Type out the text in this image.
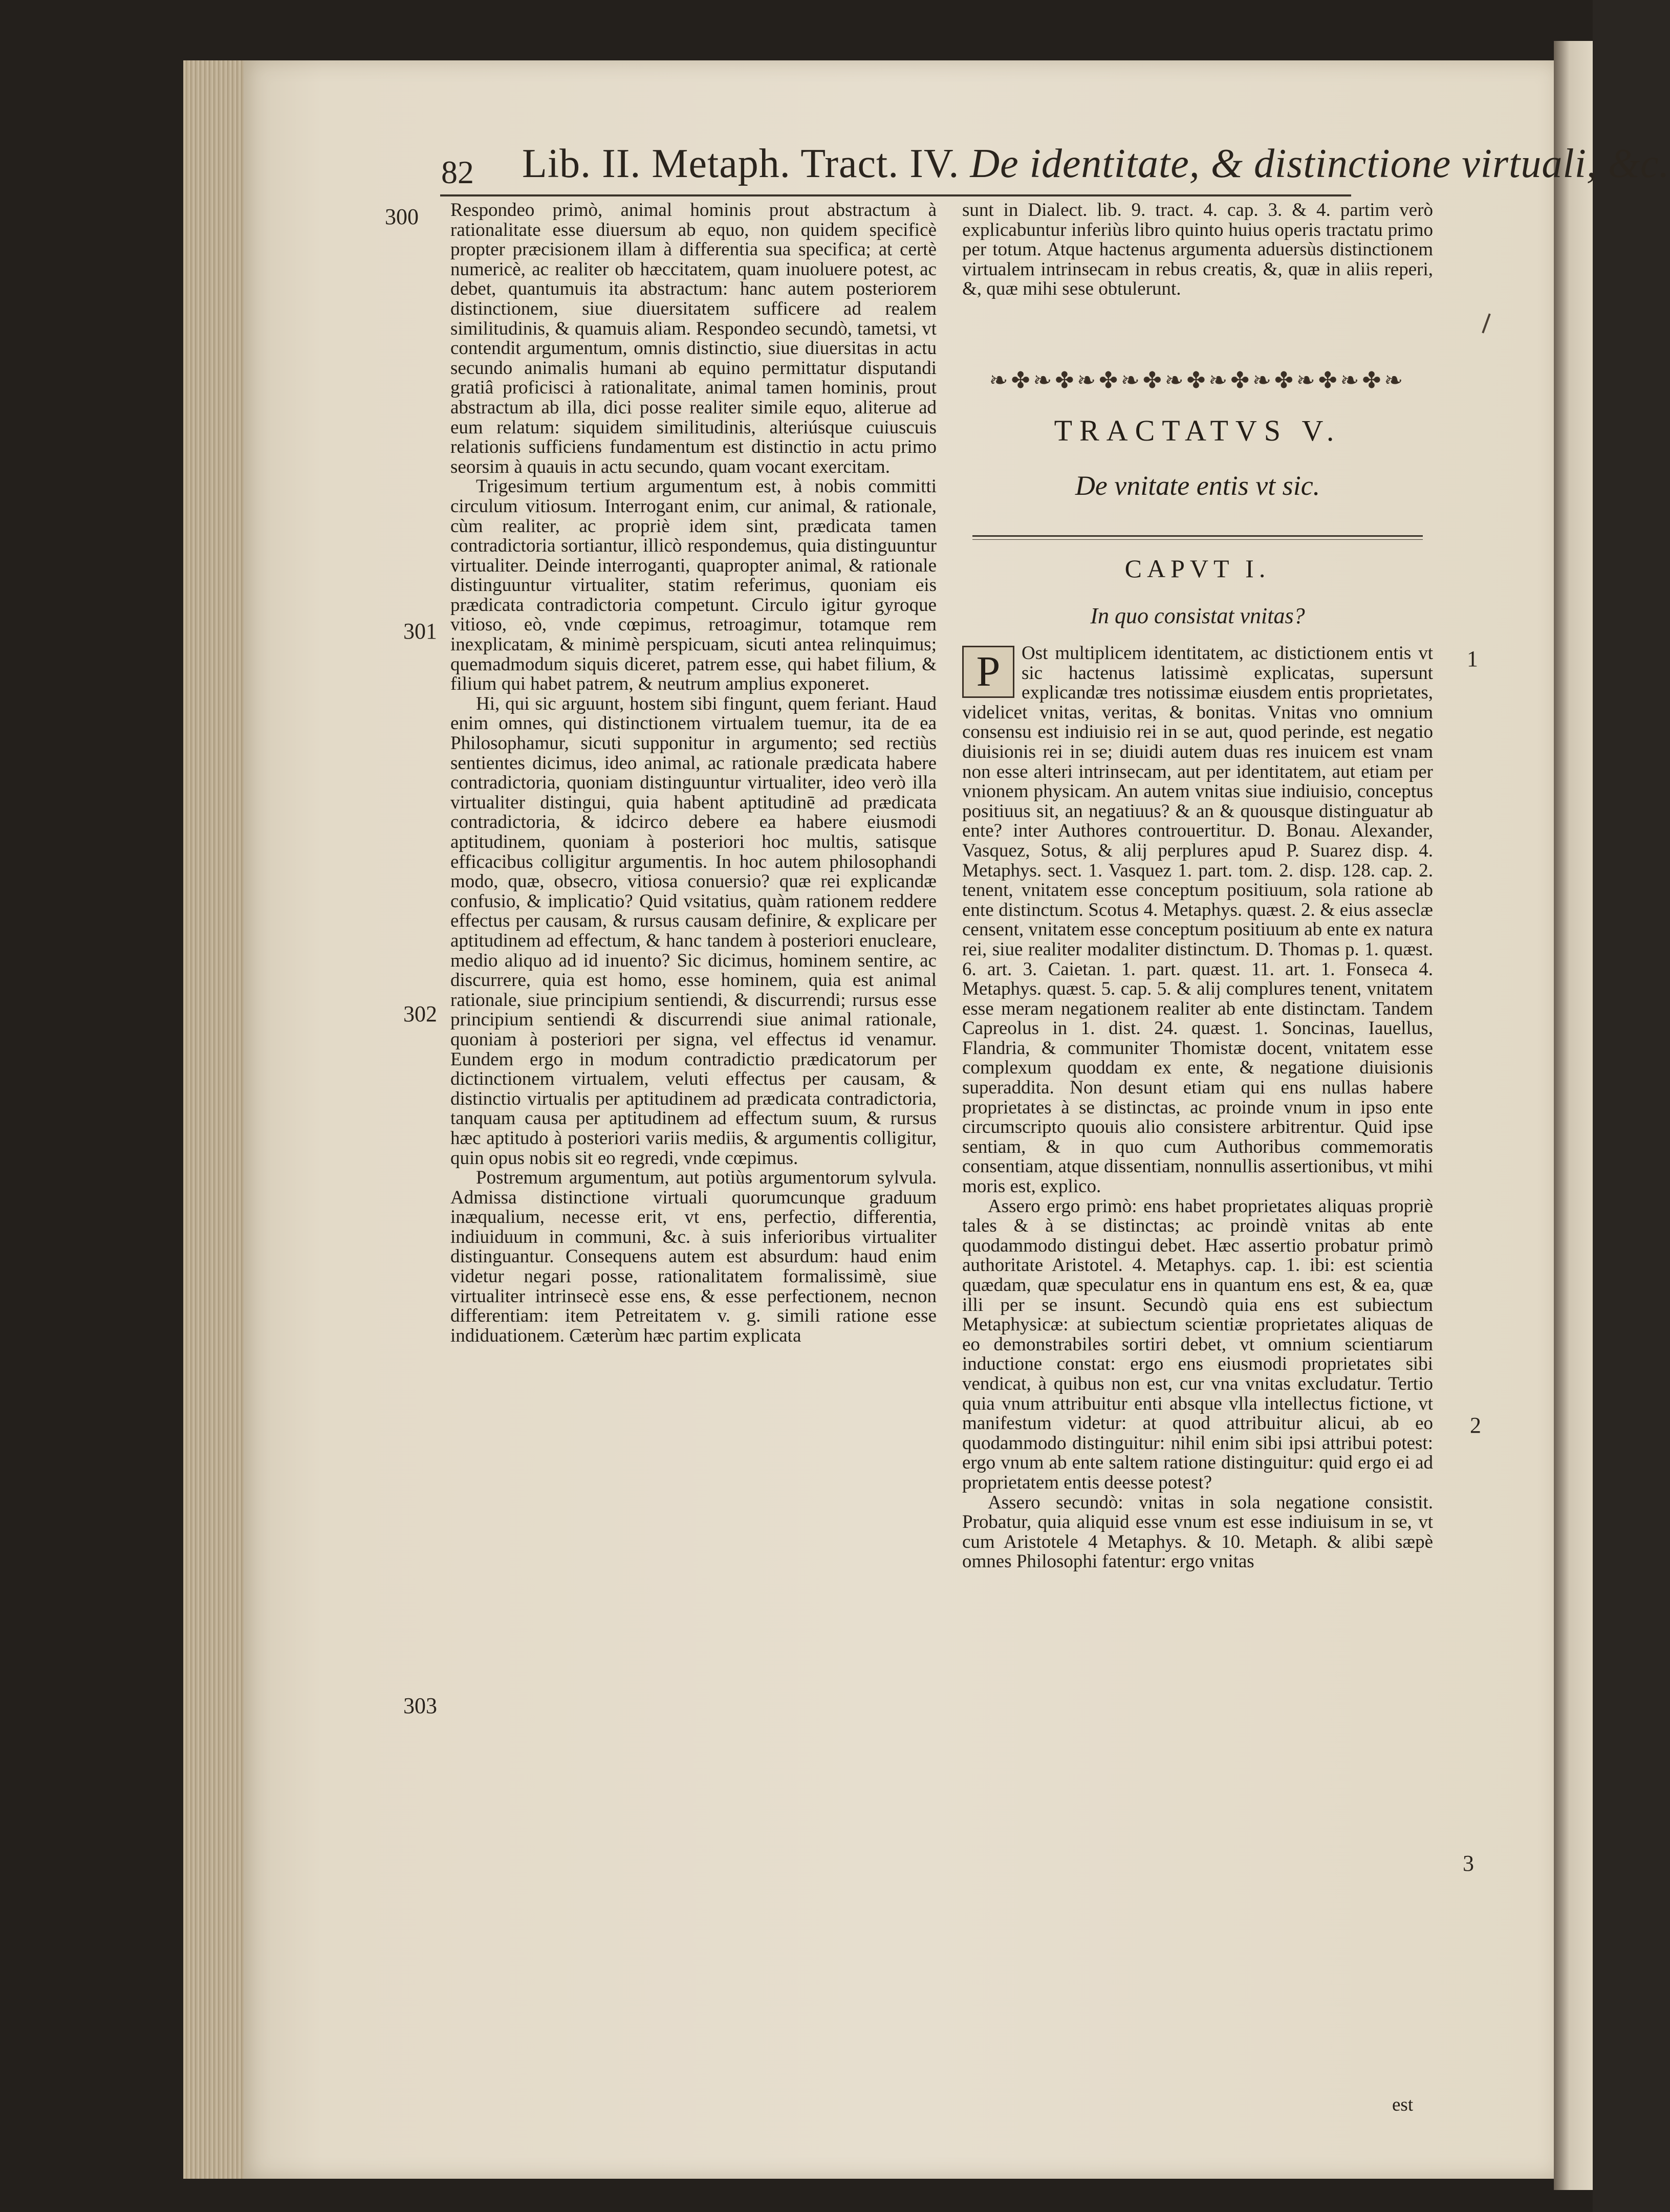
82 Lib. II. Metaph. Tract. IV. De identitate, & distinctione virtuali, &c.
300
301
302
303
1
2
3

Respondeo primò, animal hominis prout abstractum à rationalitate esse diuersum ab equo, non quidem specificè propter præcisionem illam à differentia sua specifica; at certè numericè, ac realiter ob hæccitatem, quam inuoluere potest, ac debet, quantumuis ita abstractum: hanc autem posteriorem distinctionem, siue diuersitatem sufficere ad realem similitudinis, & quamuis aliam. Respondeo secundò, tametsi, vt contendit argumentum, omnis distinctio, siue diuersitas in actu secundo animalis humani ab equino permittatur disputandi gratiâ proficisci à rationalitate, animal tamen hominis, prout abstractum ab illa, dici posse realiter simile equo, aliterue ad eum relatum: siquidem similitudinis, alteriúsque cuiuscuis relationis sufficiens fundamentum est distinctio in actu primo seorsim à quauis in actu secundo, quam vocant exercitam.

Trigesimum tertium argumentum est, à nobis committi circulum vitiosum. Interrogant enim, cur animal, & rationale, cùm realiter, ac propriè idem sint, prædicata tamen contradictoria sortiantur, illicò respondemus, quia distinguuntur virtualiter. Deinde interroganti, quapropter animal, & rationale distinguuntur virtualiter, statim referimus, quoniam eis prædicata contradictoria competunt. Circulo igitur gyroque vitioso, eò, vnde cœpimus, retroagimur, totamque rem inexplicatam, & minimè perspicuam, sicuti antea relinquimus; quemadmodum siquis diceret, patrem esse, qui habet filium, & filium qui habet patrem, & neutrum amplius exponeret.

Hi, qui sic arguunt, hostem sibi fingunt, quem feriant. Haud enim omnes, qui distinctionem virtualem tuemur, ita de ea Philosophamur, sicuti supponitur in argumento; sed rectiùs sentientes dicimus, ideo animal, ac rationale prædicata habere contradictoria, quoniam distinguuntur virtualiter, ideo verò illa virtualiter distingui, quia habent aptitudinē ad prædicata contradictoria, & idcirco debere ea habere eiusmodi aptitudinem, quoniam à posteriori hoc multis, satisque efficacibus colligitur argumentis. In hoc autem philosophandi modo, quæ, obsecro, vitiosa conuersio? quæ rei explicandæ confusio, & implicatio? Quid vsitatius, quàm rationem reddere effectus per causam, & rursus causam definire, & explicare per aptitudinem ad effectum, & hanc tandem à posteriori enucleare, medio aliquo ad id inuento? Sic dicimus, hominem sentire, ac discurrere, quia est homo, esse hominem, quia est animal rationale, siue principium sentiendi, & discurrendi; rursus esse principium sentiendi & discurrendi siue animal rationale, quoniam à posteriori per signa, vel effectus id venamur. Eundem ergo in modum contradictio prædicatorum per dictinctionem virtualem, veluti effectus per causam, & distinctio virtualis per aptitudinem ad prædicata contradictoria, tanquam causa per aptitudinem ad effectum suum, & rursus hæc aptitudo à posteriori variis mediis, & argumentis colligitur, quin opus nobis sit eo regredi, vnde cœpimus.

Postremum argumentum, aut potiùs argumentorum sylvula. Admissa distinctione virtuali quorumcunque graduum inæqualium, necesse erit, vt ens, perfectio, differentia, indiuiduum in communi, &c. à suis inferioribus virtualiter distinguantur. Consequens autem est absurdum: haud enim videtur negari posse, rationalitatem formalissimè, siue virtualiter intrinsecè esse ens, & esse perfectionem, necnon differentiam: item Petreitatem v. g. simili ratione esse indiduationem. Cæterùm hæc partim explicata

sunt in Dialect. lib. 9. tract. 4. cap. 3. & 4. partim verò explicabuntur inferiùs libro quinto huius operis tractatu primo per totum. Atque hactenus argumenta aduersùs distinctionem virtualem intrinsecam in rebus creatis, &, quæ in aliis reperi, &, quæ mihi sese obtulerunt.

❧✤❧✤❧✤❧✤❧✤❧✤❧✤❧✤❧✤❧
TRACTATVS V.
De vnitate entis vt sic.
CAPVT I.
In quo consistat vnitas?

P	Ost multiplicem identitatem, ac distictionem entis vt sic hactenus latissimè explicatas, supersunt explicandæ tres notissimæ eiusdem entis proprietates, videlicet vnitas, veritas, & bonitas. Vnitas vno omnium consensu est indiuisio rei in se aut, quod perinde, est negatio diuisionis rei in se; diuidi autem duas res inuicem est vnam non esse alteri intrinsecam, aut per identitatem, aut etiam per vnionem physicam. An autem vnitas siue indiuisio, conceptus positiuus sit, an negatiuus? & an & quousque distinguatur ab ente? inter Authores controuertitur. D. Bonau. Alexander, Vasquez, Sotus, & alij perplures apud P. Suarez disp. 4. Metaphys. sect. 1. Vasquez 1. part. tom. 2. disp. 128. cap. 2. tenent, vnitatem esse conceptum positiuum, sola ratione ab ente distinctum. Scotus 4. Metaphys. quæst. 2. & eius asseclæ censent, vnitatem esse conceptum positiuum ab ente ex natura rei, siue realiter modaliter distinctum. D. Thomas p. 1. quæst. 6. art. 3. Caietan. 1. part. quæst. 11. art. 1. Fonseca 4. Metaphys. quæst. 5. cap. 5. & alij complures tenent, vnitatem esse meram negationem realiter ab ente distinctam. Tandem Capreolus in 1. dist. 24. quæst. 1. Soncinas, Iauellus, Flandria, & communiter Thomistæ docent, vnitatem esse complexum quoddam ex ente, & negatione diuisionis superaddita. Non desunt etiam qui ens nullas habere proprietates à se distinctas, ac proinde vnum in ipso ente circumscripto quouis alio consistere arbitrentur. Quid ipse sentiam, & in quo cum Authoribus commemoratis consentiam, atque dissentiam, nonnullis assertionibus, vt mihi moris est, explico.

Assero ergo primò: ens habet proprietates aliquas propriè tales & à se distinctas; ac proindè vnitas ab ente quodammodo distingui debet. Hæc assertio probatur primò authoritate Aristotel. 4. Metaphys. cap. 1. ibi: est scientia quædam, quæ speculatur ens in quantum ens est, & ea, quæ illi per se insunt. Secundò quia ens est subiectum Metaphysicæ: at subiectum scientiæ proprietates aliquas de eo demonstrabiles sortiri debet, vt omnium scientiarum inductione constat: ergo ens eiusmodi proprietates sibi vendicat, à quibus non est, cur vna vnitas excludatur. Tertio quia vnum attribuitur enti absque vlla intellectus fictione, vt manifestum videtur: at quod attribuitur alicui, ab eo quodammodo distinguitur: nihil enim sibi ipsi attribui potest: ergo vnum ab ente saltem ratione distinguitur: quid ergo ei ad proprietatem entis deesse potest?

Assero secundò: vnitas in sola negatione consistit. Probatur, quia aliquid esse vnum est esse indiuisum in se, vt cum Aristotele 4 Metaphys. & 10. Metaph. & alibi sæpè omnes Philosophi fatentur: ergo vnitas

est
